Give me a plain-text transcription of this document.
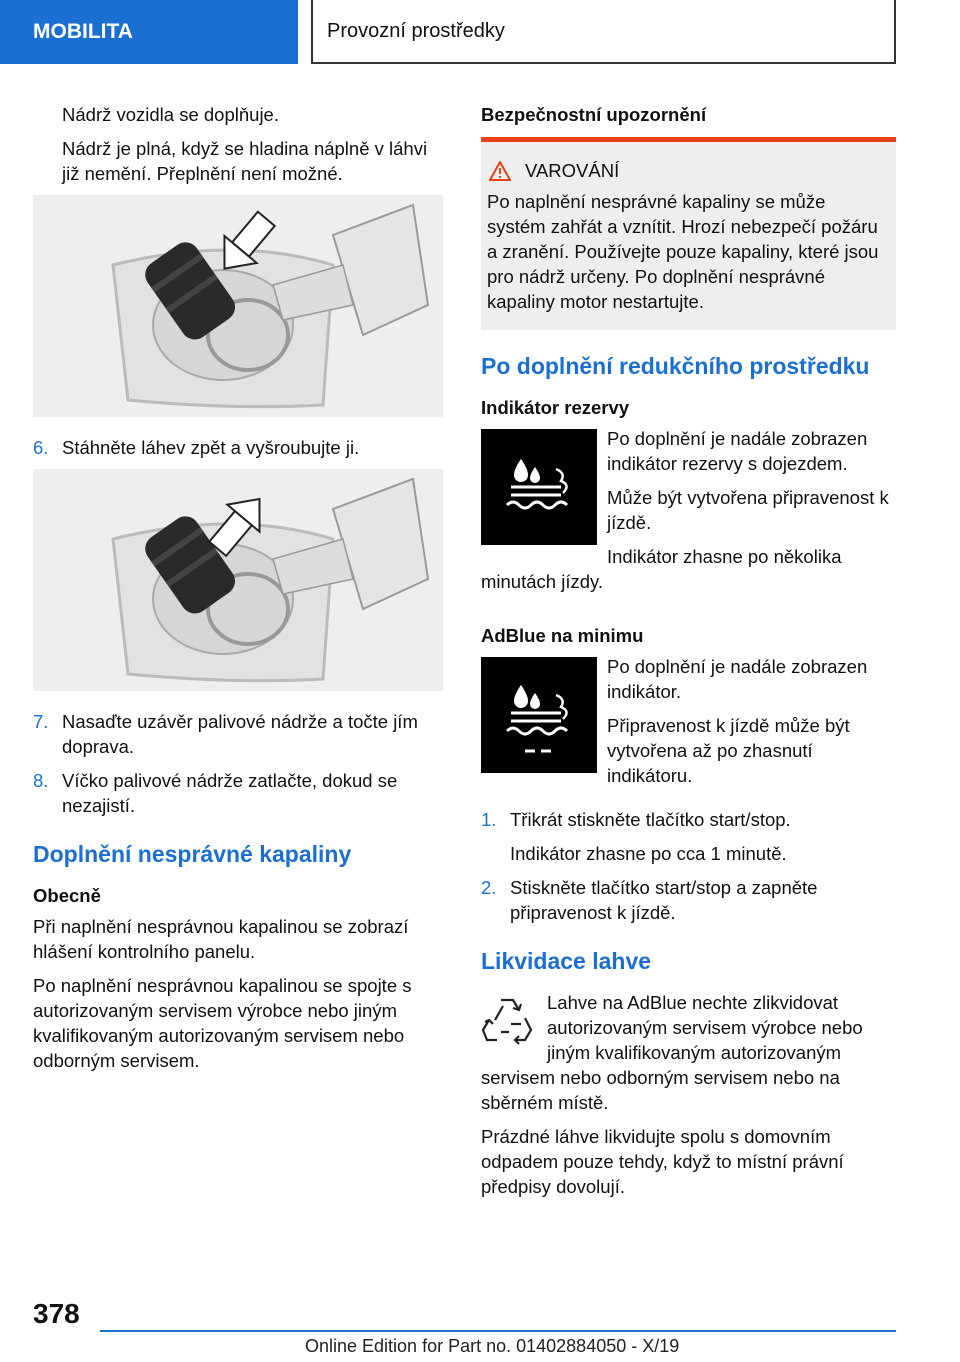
MOBILITA	Provozní prostředky

Nádrž vozidla se doplňuje.

Nádrž je plná, když se hladina náplně v láhvi již nemění. Přeplnění není možné.

6. Stáhněte láhev zpět a vyšroubujte ji.
7. Nasaďte uzávěr palivové nádrže a točte jím doprava.
8. Víčko palivové nádrže zatlačte, dokud se nezajistí.
Doplnění nesprávné kapaliny
Obecně

Při naplnění nesprávnou kapalinou se zobrazí hlášení kontrolního panelu.

Po naplnění nesprávnou kapalinou se spojte s autorizovaným servisem výrobce nebo jiným kvalifikovaným autorizovaným servisem nebo odborným servisem.

Bezpečnostní upozornění
VAROVÁNÍ
Po naplnění nesprávné kapaliny se může systém zahřát a vznítit. Hrozí nebezpečí požáru a zranění. Používejte pouze kapaliny, které jsou pro nádrž určeny. Po doplnění nesprávné kapaliny motor nestartujte.
Po doplnění redukčního prostředku
Indikátor rezervy

Po doplnění je nadále zobrazen indikátor rezervy s dojezdem.

Může být vytvořena připravenost k jízdě.

Indikátor zhasne po několika minutách jízdy.

AdBlue na minimu

Po doplnění je nadále zobrazen indikátor.

Připravenost k jízdě může být vytvořena až po zhasnutí indikátoru.

1. Třikrát stiskněte tlačítko start/stop.

Indikátor zhasne po cca 1 minutě.

2. Stiskněte tlačítko start/stop a zapněte připravenost k jízdě.
Likvidace lahve

Lahve na AdBlue nechte zlikvidovat autorizovaným servisem výrobce nebo jiným kvalifikovaným autorizovaným servisem nebo odborným servisem nebo na sběrném místě.

Prázdné láhve likvidujte spolu s domovním odpadem pouze tehdy, když to místní právní předpisy dovolují.

378
Online Edition for Part no. 01402884050 - X/19
